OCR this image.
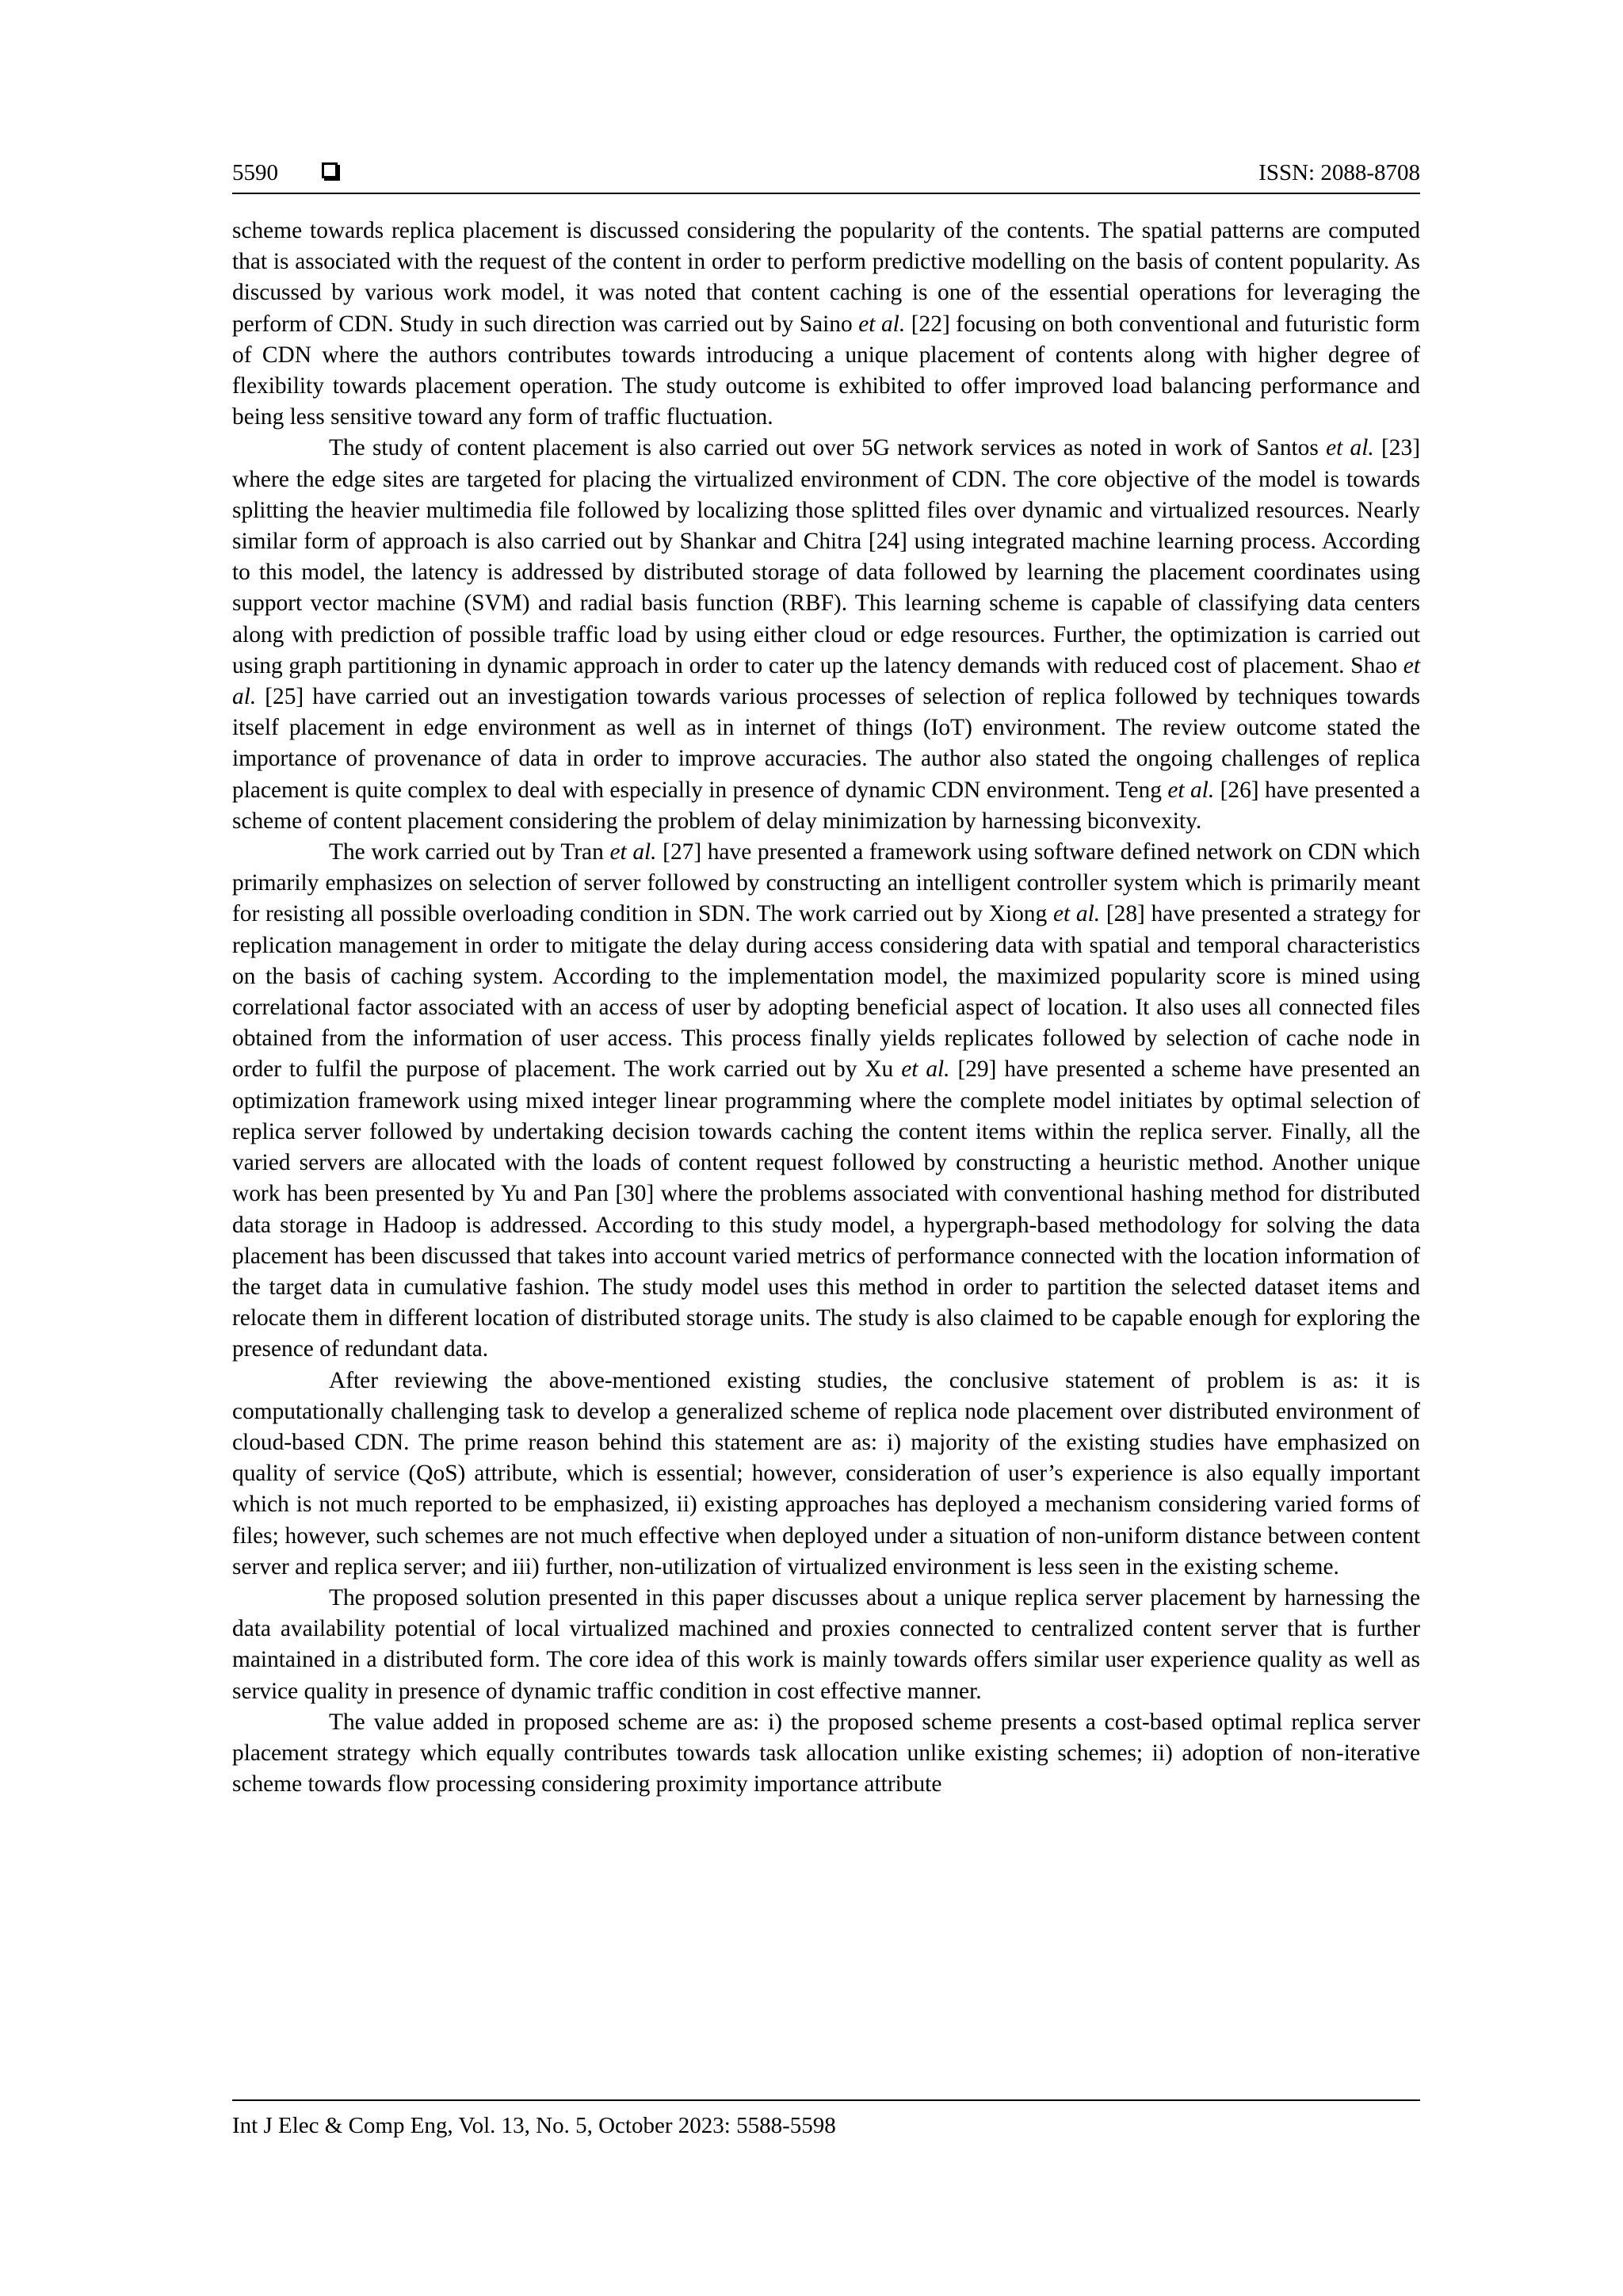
5590	ISSN: 2088-8708

scheme towards replica placement is discussed considering the popularity of the contents. The spatial patterns are computed that is associated with the request of the content in order to perform predictive modelling on the basis of content popularity. As discussed by various work model, it was noted that content caching is one of the essential operations for leveraging the perform of CDN. Study in such direction was carried out by Saino et al. [22] focusing on both conventional and futuristic form of CDN where the authors contributes towards introducing a unique placement of contents along with higher degree of flexibility towards placement operation. The study outcome is exhibited to offer improved load balancing performance and being less sensitive toward any form of traffic fluctuation.

The study of content placement is also carried out over 5G network services as noted in work of Santos et al. [23] where the edge sites are targeted for placing the virtualized environment of CDN. The core objective of the model is towards splitting the heavier multimedia file followed by localizing those splitted files over dynamic and virtualized resources. Nearly similar form of approach is also carried out by Shankar and Chitra [24] using integrated machine learning process. According to this model, the latency is addressed by distributed storage of data followed by learning the placement coordinates using support vector machine (SVM) and radial basis function (RBF). This learning scheme is capable of classifying data centers along with prediction of possible traffic load by using either cloud or edge resources. Further, the optimization is carried out using graph partitioning in dynamic approach in order to cater up the latency demands with reduced cost of placement. Shao et al. [25] have carried out an investigation towards various processes of selection of replica followed by techniques towards itself placement in edge environment as well as in internet of things (IoT) environment. The review outcome stated the importance of provenance of data in order to improve accuracies. The author also stated the ongoing challenges of replica placement is quite complex to deal with especially in presence of dynamic CDN environment. Teng et al. [26] have presented a scheme of content placement considering the problem of delay minimization by harnessing biconvexity.

The work carried out by Tran et al. [27] have presented a framework using software defined network on CDN which primarily emphasizes on selection of server followed by constructing an intelligent controller system which is primarily meant for resisting all possible overloading condition in SDN. The work carried out by Xiong et al. [28] have presented a strategy for replication management in order to mitigate the delay during access considering data with spatial and temporal characteristics on the basis of caching system. According to the implementation model, the maximized popularity score is mined using correlational factor associated with an access of user by adopting beneficial aspect of location. It also uses all connected files obtained from the information of user access. This process finally yields replicates followed by selection of cache node in order to fulfil the purpose of placement. The work carried out by Xu et al. [29] have presented a scheme have presented an optimization framework using mixed integer linear programming where the complete model initiates by optimal selection of replica server followed by undertaking decision towards caching the content items within the replica server. Finally, all the varied servers are allocated with the loads of content request followed by constructing a heuristic method. Another unique work has been presented by Yu and Pan [30] where the problems associated with conventional hashing method for distributed data storage in Hadoop is addressed. According to this study model, a hypergraph-based methodology for solving the data placement has been discussed that takes into account varied metrics of performance connected with the location information of the target data in cumulative fashion. The study model uses this method in order to partition the selected dataset items and relocate them in different location of distributed storage units. The study is also claimed to be capable enough for exploring the presence of redundant data.

After reviewing the above-mentioned existing studies, the conclusive statement of problem is as: it is computationally challenging task to develop a generalized scheme of replica node placement over distributed environment of cloud-based CDN. The prime reason behind this statement are as: i) majority of the existing studies have emphasized on quality of service (QoS) attribute, which is essential; however, consideration of user’s experience is also equally important which is not much reported to be emphasized, ii) existing approaches has deployed a mechanism considering varied forms of files; however, such schemes are not much effective when deployed under a situation of non-uniform distance between content server and replica server; and iii) further, non-utilization of virtualized environment is less seen in the existing scheme.

The proposed solution presented in this paper discusses about a unique replica server placement by harnessing the data availability potential of local virtualized machined and proxies connected to centralized content server that is further maintained in a distributed form. The core idea of this work is mainly towards offers similar user experience quality as well as service quality in presence of dynamic traffic condition in cost effective manner.

The value added in proposed scheme are as: i) the proposed scheme presents a cost-based optimal replica server placement strategy which equally contributes towards task allocation unlike existing schemes; ii) adoption of non-iterative scheme towards flow processing considering proximity importance attribute

Int J Elec & Comp Eng, Vol. 13, No. 5, October 2023: 5588-5598
